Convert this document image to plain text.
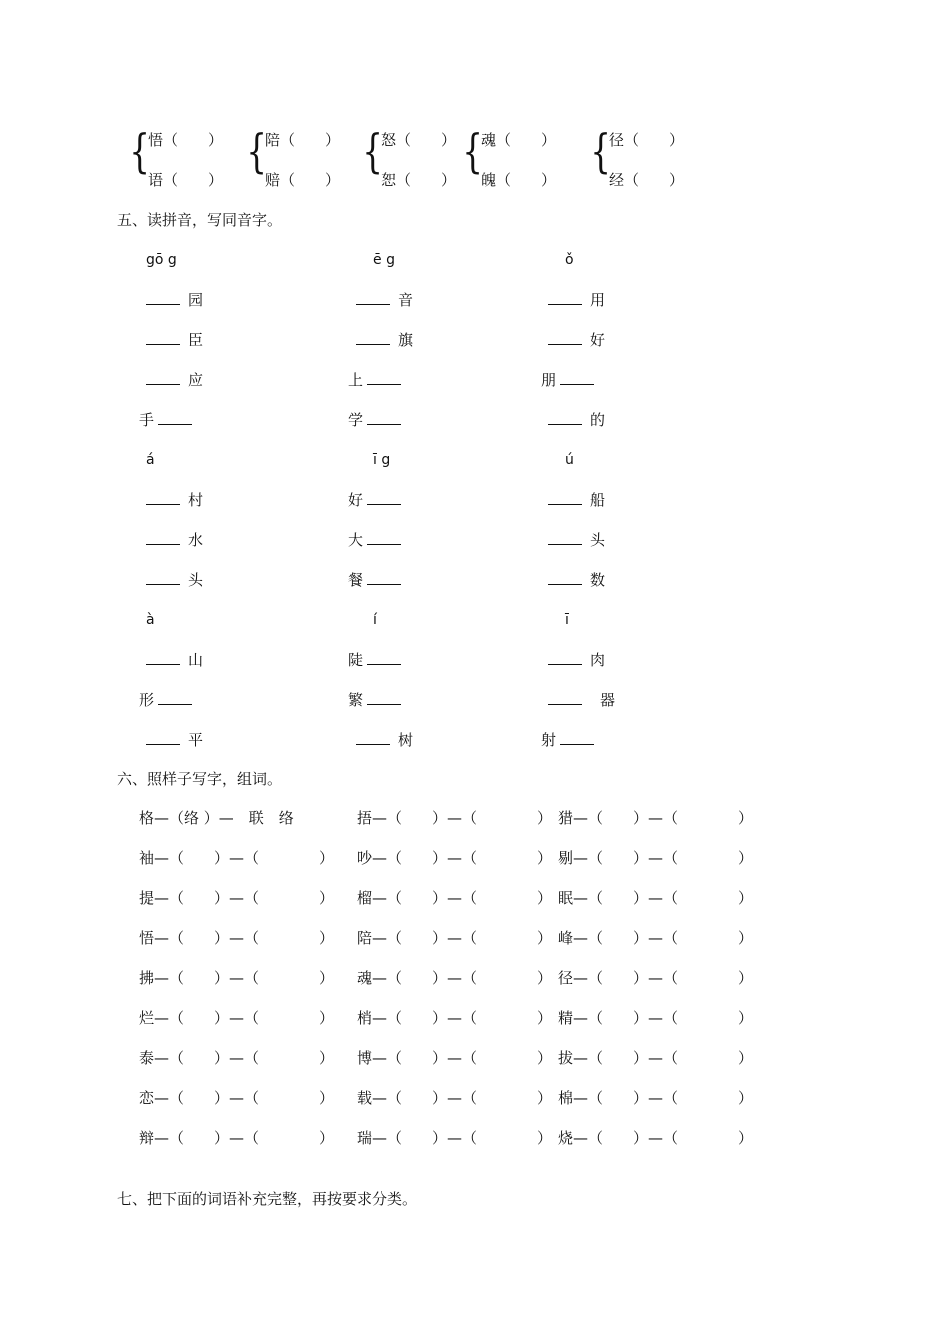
{
悟（　　）
语（　　）
{
陪（　　）
赔（　　）
{
怒（　　）
恕（　　）
{
魂（　　）
魄（　　）
{
径（　　）
经（　　）
五、读拼音，写同音字。
gō g	ē g	ǒ
园	音	用
臣	旗	好
应	上	朋
手	学	的
á	ī g	ú
村	好	船
水	大	头
头	餐	数
à	í	ī
山	陡	肉
形	繁	器
平	树	射
六、照样子写字，组词。
格—（络 ）—　联　络	捂—（　　）—（　　　　） 猎—（　　）—（　　　　）
袖—（　　）—（　　　　） 吵—（　　）—（　　　　） 剔—（　　）—（　　　　）
提—（　　）—（　　　　） 榴—（　　）—（　　　　） 眠—（　　）—（　　　　）
悟—（　　）—（　　　　） 陪—（　　）—（　　　　） 峰—（　　）—（　　　　）
拂—（　　）—（　　　　） 魂—（　　）—（　　　　） 径—（　　）—（　　　　）
烂—（　　）—（　　　　） 梢—（　　）—（　　　　） 精—（　　）—（　　　　）
泰—（　　）—（　　　　） 博—（　　）—（　　　　） 拔—（　　）—（　　　　）
恋—（　　）—（　　　　） 载—（　　）—（　　　　） 棉—（　　）—（　　　　）
辩—（　　）—（　　　　） 瑞—（　　）—（　　　　） 烧—（　　）—（　　　　）
七、把下面的词语补充完整，再按要求分类。
